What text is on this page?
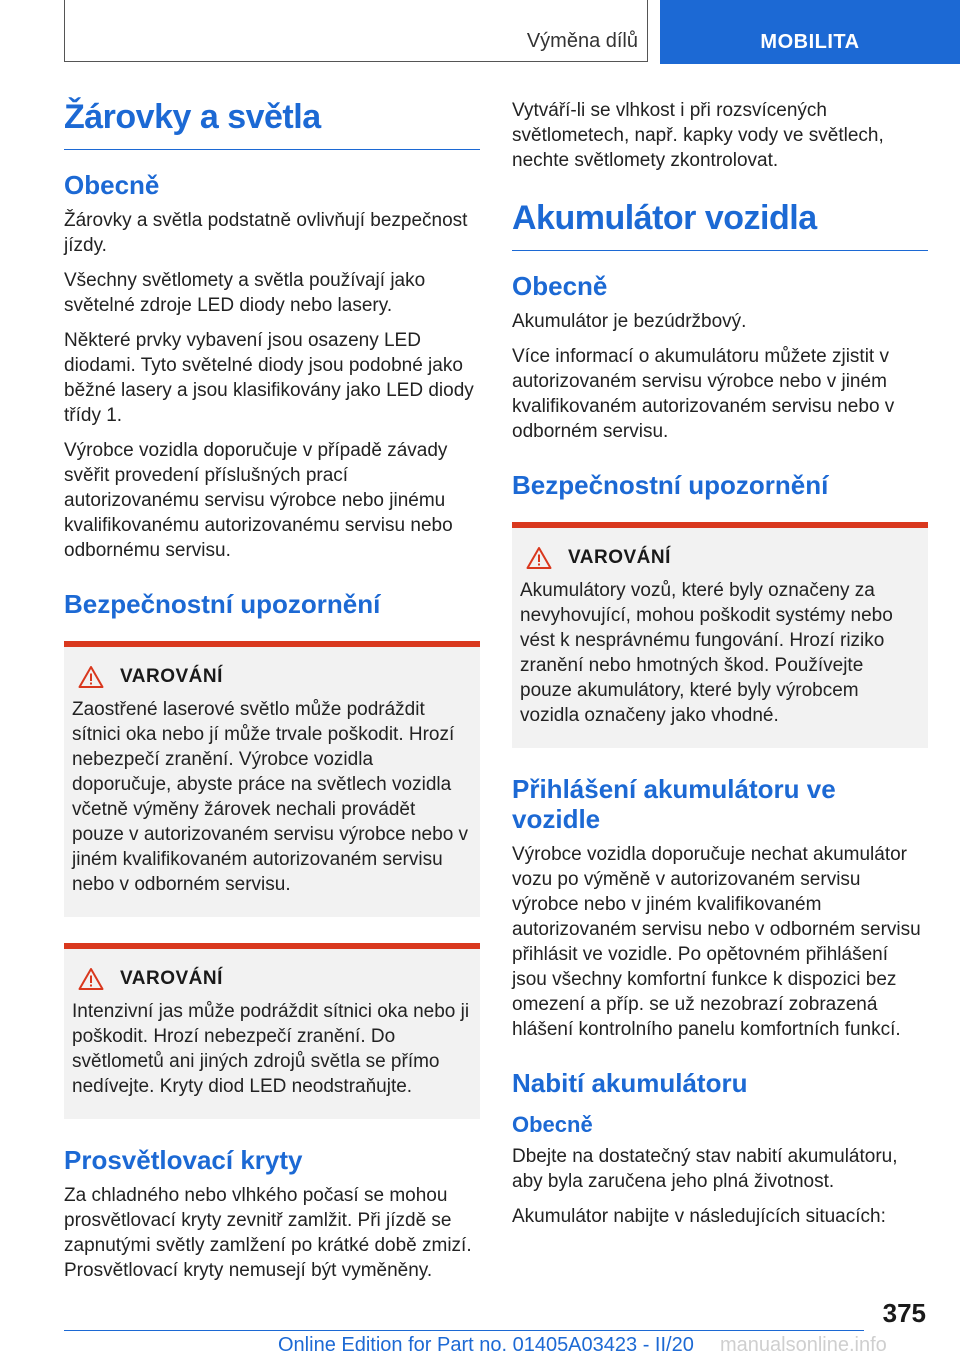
Výměna dílů	MOBILITA
Žárovky a světla
Obecně

Žárovky a světla podstatně ovlivňují bezpečnost jízdy.

Všechny světlomety a světla používají jako světelné zdroje LED diody nebo lasery.

Některé prvky vybavení jsou osazeny LED diodami. Tyto světelné diody jsou podobné jako běžné lasery a jsou klasifikovány jako LED diody třídy 1.

Výrobce vozidla doporučuje v případě závady svěřit provedení příslušných prací autorizovanému servisu výrobce nebo jinému kvalifikovanému autorizovanému servisu nebo odbornému servisu.

Bezpečnostní upozornění
VAROVÁNÍ

Zaostřené laserové světlo může podráždit sítnici oka nebo jí může trvale poškodit. Hrozí nebezpečí zranění. Výrobce vozidla doporučuje, abyste práce na světlech vozidla včetně výměny žárovek nechali provádět pouze v autorizovaném servisu výrobce nebo v jiném kvalifikovaném autorizovaném servisu nebo v odborném servisu.

VAROVÁNÍ

Intenzivní jas může podráždit sítnici oka nebo ji poškodit. Hrozí nebezpečí zranění. Do světlometů ani jiných zdrojů světla se přímo nedívejte. Kryty diod LED neodstraňujte.

Prosvětlovací kryty

Za chladného nebo vlhkého počasí se mohou prosvětlovací kryty zevnitř zamlžit. Při jízdě se zapnutými světly zamlžení po krátké době zmizí. Prosvětlovací kryty nemusejí být vyměněny.

Vytváří-li se vlhkost i při rozsvícených světlometech, např. kapky vody ve světlech, nechte světlomety zkontrolovat.

Akumulátor vozidla
Obecně

Akumulátor je bezúdržbový.

Více informací o akumulátoru můžete zjistit v autorizovaném servisu výrobce nebo v jiném kvalifikovaném autorizovaném servisu nebo v odborném servisu.

Bezpečnostní upozornění
VAROVÁNÍ

Akumulátory vozů, které byly označeny za nevyhovující, mohou poškodit systémy nebo vést k nesprávnému fungování. Hrozí riziko zranění nebo hmotných škod. Používejte pouze akumulátory, které byly výrobcem vozidla označeny jako vhodné.

Přihlášení akumulátoru ve vozidle

Výrobce vozidla doporučuje nechat akumulátor vozu po výměně v autorizovaném servisu výrobce nebo v jiném kvalifikovaném autorizovaném servisu nebo v odborném servisu přihlásit ve vozidle. Po opětovném přihlášení jsou všechny komfortní funkce k dispozici bez omezení a příp. se už nezobrazí zobrazená hlášení kontrolního panelu komfortních funkcí.

Nabití akumulátoru
Obecně

Dbejte na dostatečný stav nabití akumulátoru, aby byla zaručena jeho plná životnost.

Akumulátor nabijte v následujících situacích:

375
Online Edition for Part no. 01405A03423 - II/20 manualsonline.info
